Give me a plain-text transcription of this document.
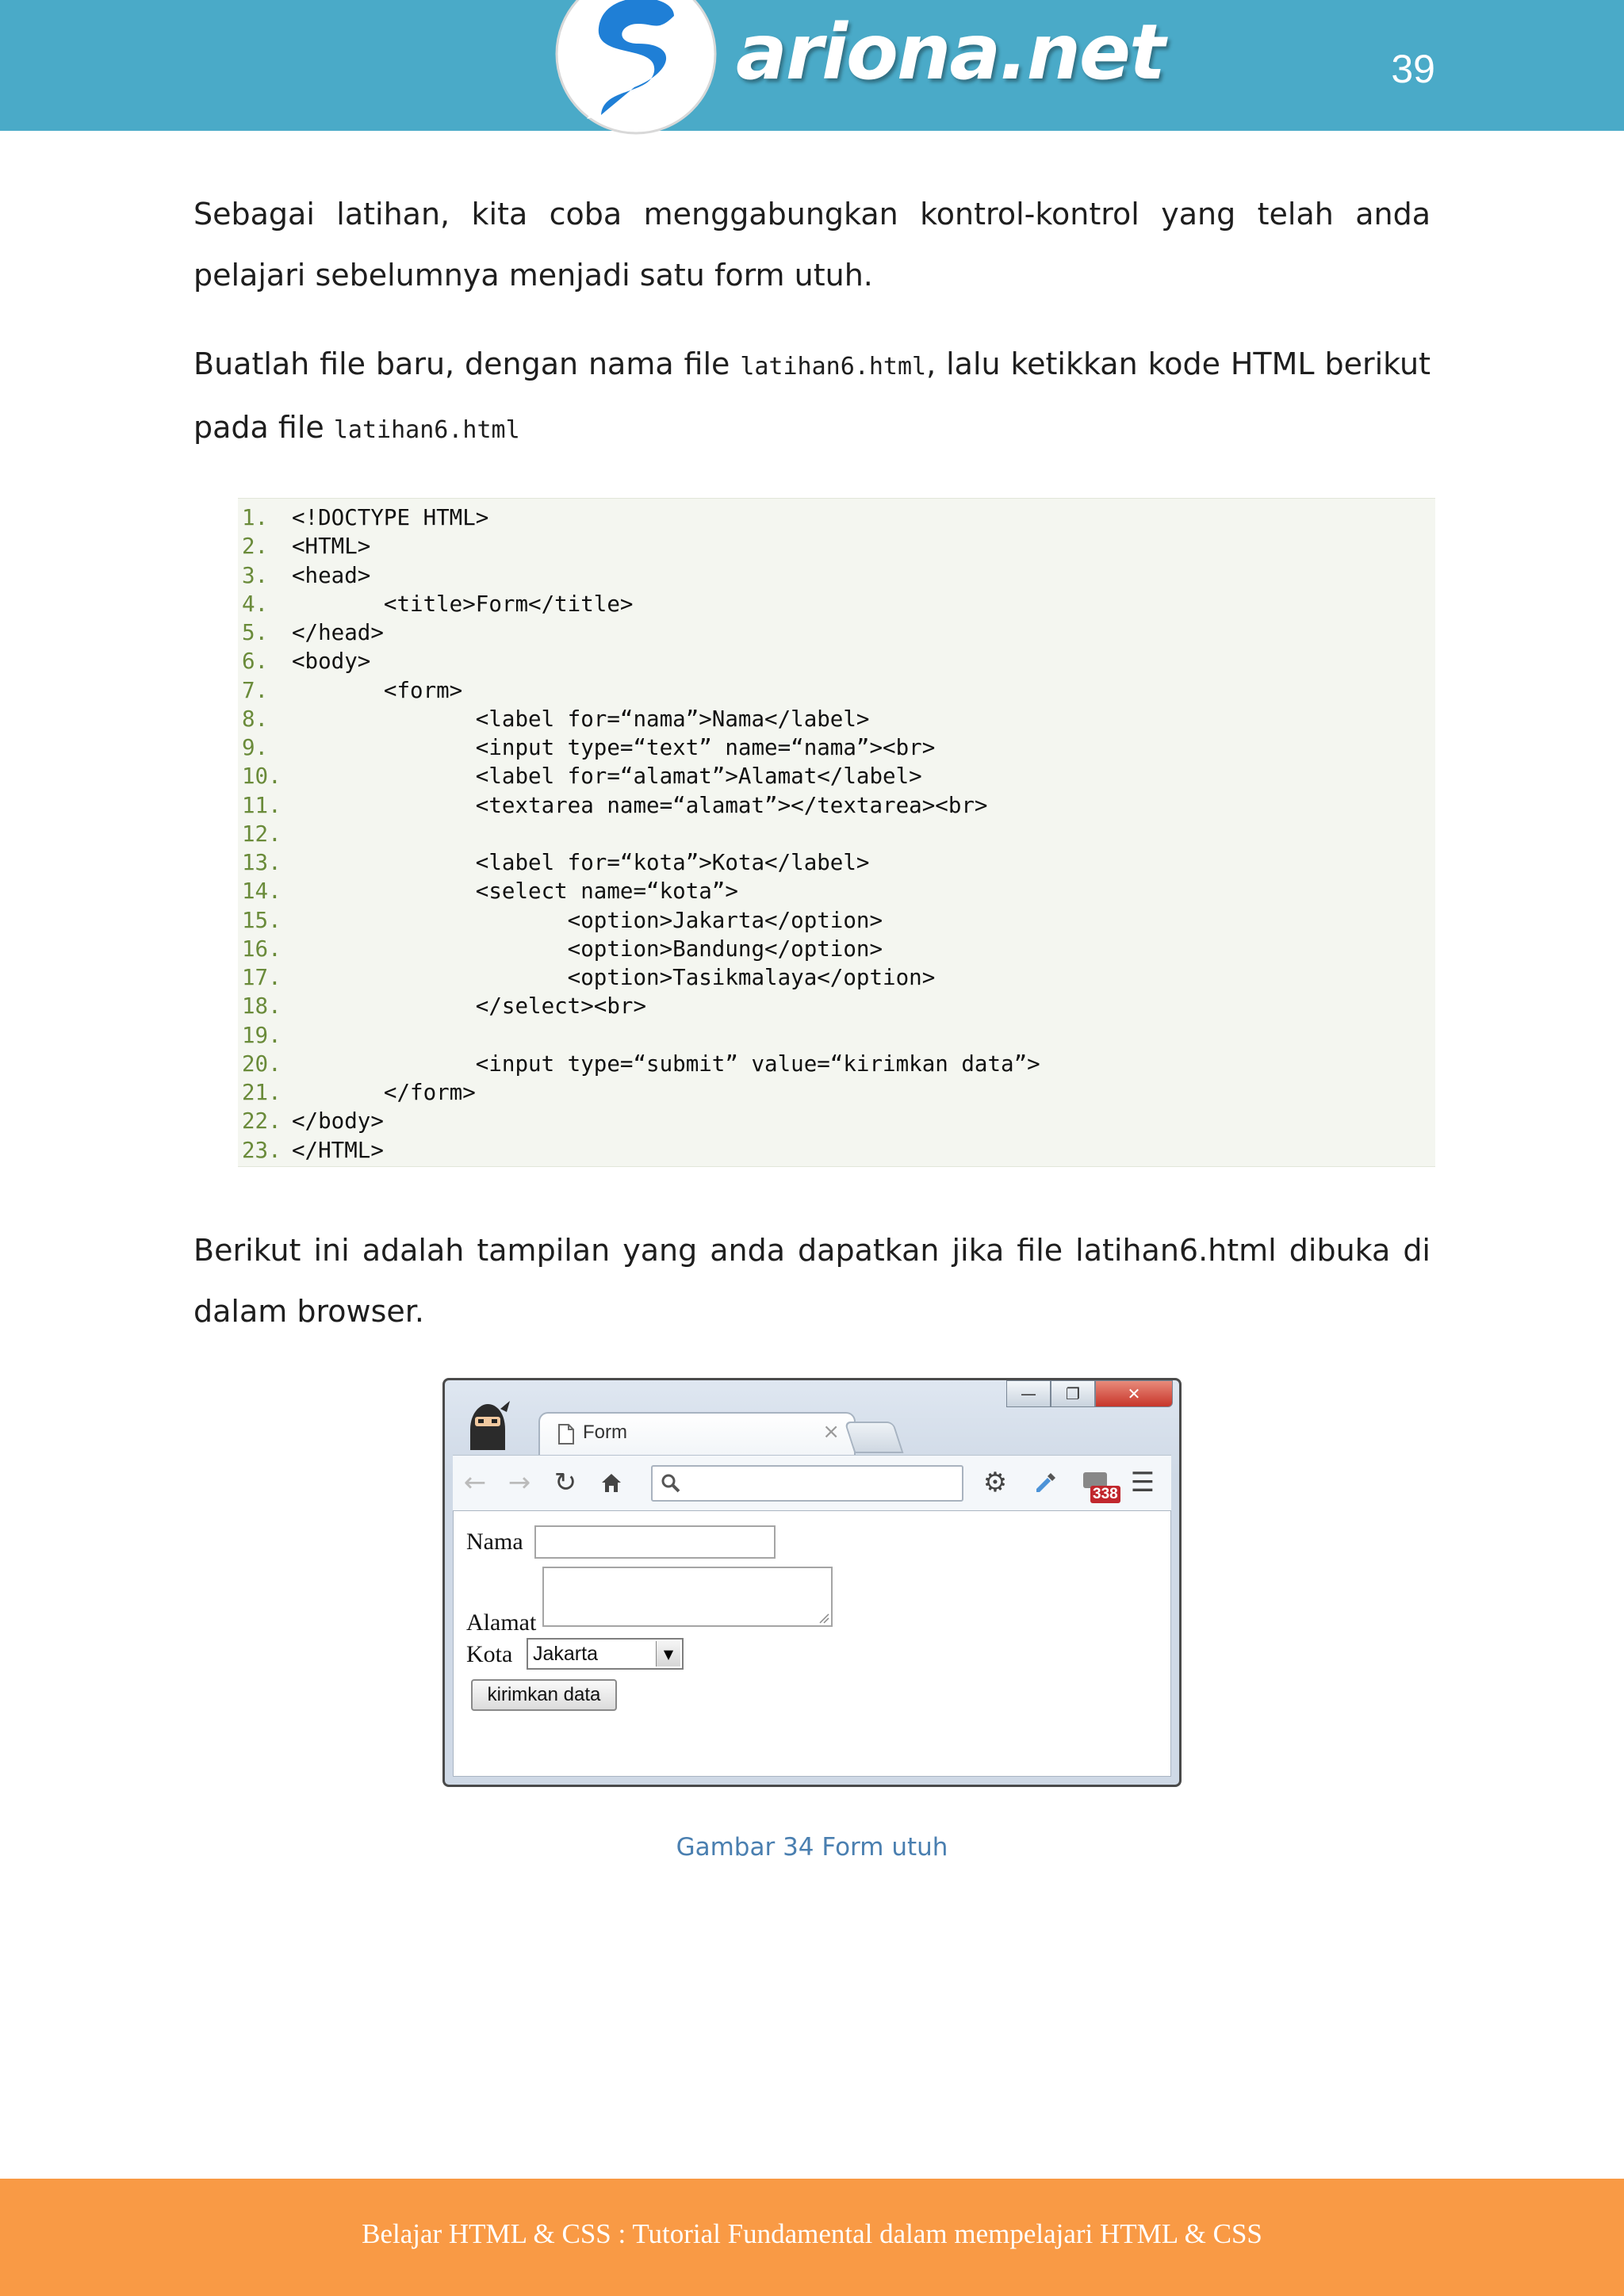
ariona.net	39

Sebagai latihan, kita coba menggabungkan kontrol-kontrol yang telah anda pelajari sebelumnya menjadi satu form utuh.

Buatlah file baru, dengan nama file latihan6.html, lalu ketikkan kode HTML berikut pada file latihan6.html

1.	<!DOCTYPE HTML>
2.	<HTML>
3.	<head>
4.	<title>Form</title>
5.	</head>
6.	<body>
7.	<form>
8.	<label for=“nama”>Nama</label>
9.	<input type=“text” name=“nama”><br>
10. <label for=“alamat”>Alamat</label>
11. <textarea name=“alamat”></textarea><br>
12.
13. <label for=“kota”>Kota</label>
14. <select name=“kota”>
15. <option>Jakarta</option>
16. <option>Bandung</option>
17. <option>Tasikmalaya</option>
18. </select><br>
19.
20. <input type=“submit” value=“kirimkan data”>
21. </form>
22. </body>
23. </HTML>

Berikut ini adalah tampilan yang anda dapatkan jika file latihan6.html dibuka di dalam browser.

—	❐	✕
Form	×
← → ↻	⚙	338 ☰
Nama
Alamat
Kota Jakarta	▼
kirimkan data
Gambar 34 Form utuh
Belajar HTML & CSS : Tutorial Fundamental dalam mempelajari HTML & CSS
